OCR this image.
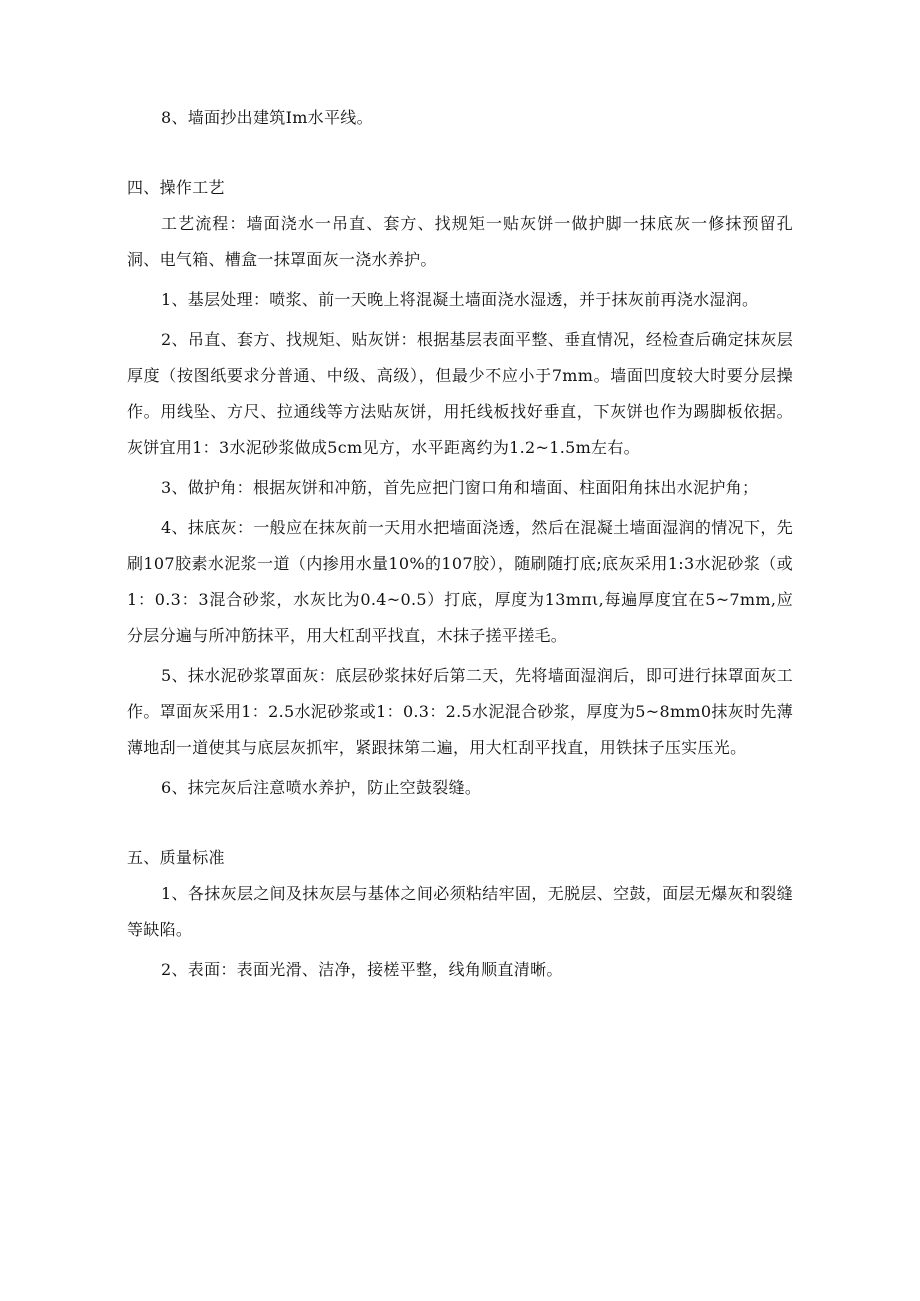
8、墙面抄出建筑Im水平线。

四、操作工艺

工艺流程：墙面浇水一吊直、套方、找规矩一贴灰饼一做护脚一抹底灰一修抹预留孔洞、电气箱、槽盒一抹罩面灰一浇水养护。

1、基层处理：喷浆、前一天晚上将混凝土墙面浇水湿透，并于抹灰前再浇水湿润。

2、吊直、套方、找规矩、贴灰饼：根据基层表面平整、垂直情况，经检查后确定抹灰层厚度（按图纸要求分普通、中级、高级），但最少不应小于7mm。墙面凹度较大时要分层操作。用线坠、方尺、拉通线等方法贴灰饼，用托线板找好垂直，下灰饼也作为踢脚板依据。灰饼宜用1：3水泥砂浆做成5cm见方，水平距离约为1.2~1.5m左右。

3、做护角：根据灰饼和冲筋，首先应把门窗口角和墙面、柱面阳角抹出水泥护角；

4、抹底灰：一般应在抹灰前一天用水把墙面浇透，然后在混凝土墙面湿润的情况下，先刷107胶素水泥浆一道（内掺用水量10%的107胶），随刷随打底;底灰采用1:3水泥砂浆（或1：0.3：3混合砂浆，水灰比为0.4~0.5）打底，厚度为13mπι,每遍厚度宜在5~7mm,应分层分遍与所冲筋抹平，用大杠刮平找直，木抹子搓平搓毛。

5、抹水泥砂浆罩面灰：底层砂浆抹好后第二天，先将墙面湿润后，即可进行抹罩面灰工作。罩面灰采用1：2.5水泥砂浆或1：0.3：2.5水泥混合砂浆，厚度为5~8mm0抹灰时先薄薄地刮一道使其与底层灰抓牢，紧跟抹第二遍，用大杠刮平找直，用铁抹子压实压光。

6、抹完灰后注意喷水养护，防止空鼓裂缝。

五、质量标准

1、各抹灰层之间及抹灰层与基体之间必须粘结牢固，无脱层、空鼓，面层无爆灰和裂缝等缺陷。

2、表面：表面光滑、洁净，接槎平整，线角顺直清晰。
